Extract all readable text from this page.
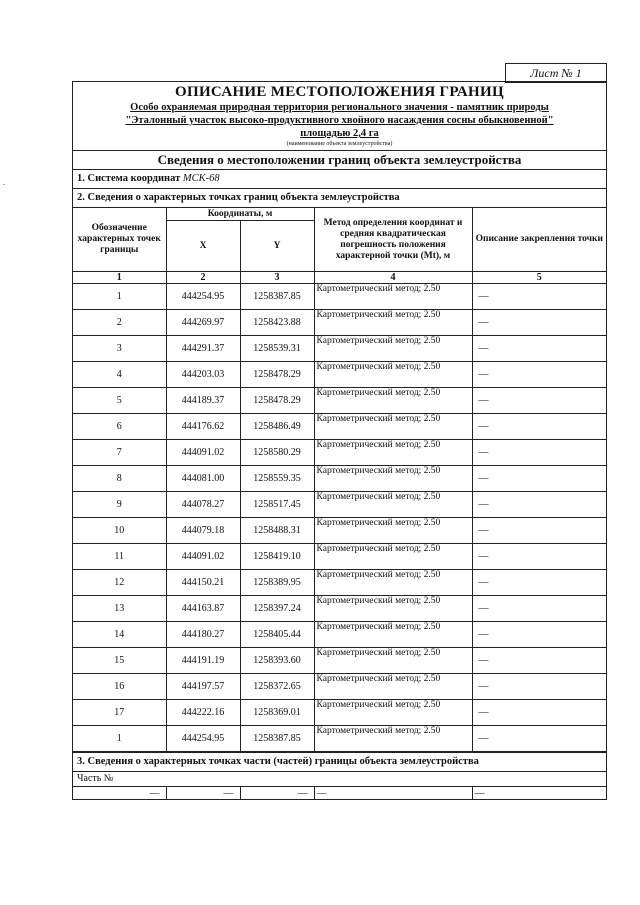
Лист № 1
ОПИСАНИЕ МЕСТОПОЛОЖЕНИЯ ГРАНИЦ
Особо охраняемая природная территория регионального значения - памятник природы
"Эталонный участок высоко-продуктивного хвойного насаждения сосны обыкновенной"
площадью 2,4 га
(наименование объекта землеустройства)
Сведения о местоположении границ объекта землеустройства
1. Система координат МСК-68
2. Сведения о характерных точках границ объекта землеустройства
Обозначение характерных точек границы	Координаты, м		Метод определения координат и средняя квадратическая погрешность положения характерной точки (Mt), м	Описание закрепления точки
	X	Y		
1	2	3	4	5
1	444254.95	1258387.85	Картометрический метод; 2.50	—
2	444269.97	1258423.88	Картометрический метод; 2.50	—
3	444291.37	1258539.31	Картометрический метод; 2.50	—
4	444203.03	1258478.29	Картометрический метод; 2.50	—
5	444189.37	1258478.29	Картометрический метод; 2.50	—
6	444176.62	1258486.49	Картометрический метод; 2.50	—
7	444091.02	1258580.29	Картометрический метод; 2.50	—
8	444081.00	1258559.35	Картометрический метод; 2.50	—
9	444078.27	1258517.45	Картометрический метод; 2.50	—
10	444079.18	1258488.31	Картометрический метод; 2.50	—
11	444091.02	1258419.10	Картометрический метод; 2.50	—
12	444150.21	1258389.95	Картометрический метод; 2.50	—
13	444163.87	1258397.24	Картометрический метод; 2.50	—
14	444180.27	1258405.44	Картометрический метод; 2.50	—
15	444191.19	1258393.60	Картометрический метод; 2.50	—
16	444197.57	1258372.65	Картометрический метод; 2.50	—
17	444222.16	1258369.01	Картометрический метод; 2.50	—
1	444254.95	1258387.85	Картометрический метод; 2.50	—
3. Сведения о характерных точках части (частей) границы объекта землеустройства
Часть №
—	—	—	—	—
.
